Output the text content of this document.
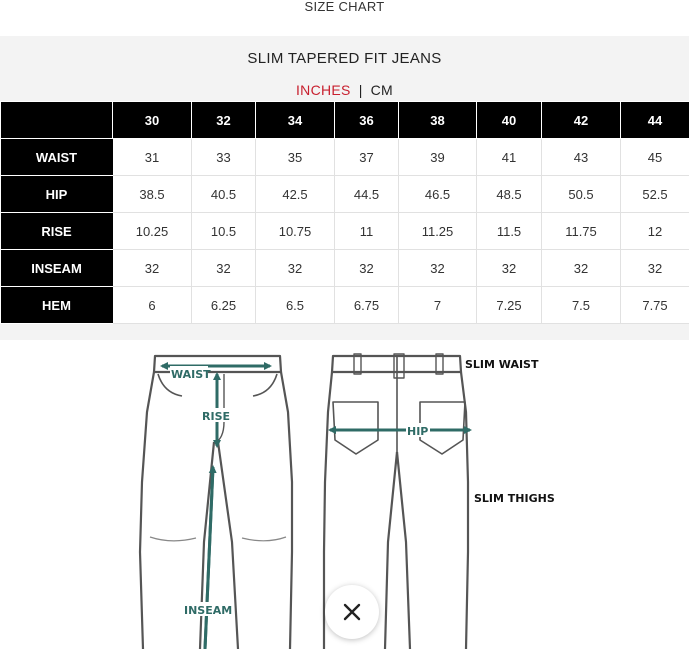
SIZE CHART
SLIM TAPERED FIT JEANS
INCHES | CM
	30	32	34	36	38	40	42	44
WAIST	31	33	35	37	39	41	43	45
HIP	38.5	40.5	42.5	44.5	46.5	48.5	50.5	52.5
RISE	10.25	10.5	10.75	11	11.25	11.5	11.75	12
INSEAM	32	32	32	32	32	32	32	32
HEM	6	6.25	6.5	6.75	7	7.25	7.5	7.75
WAIST
RISE
HIP
INSEAM
SLIM WAIST
SLIM THIGHS
